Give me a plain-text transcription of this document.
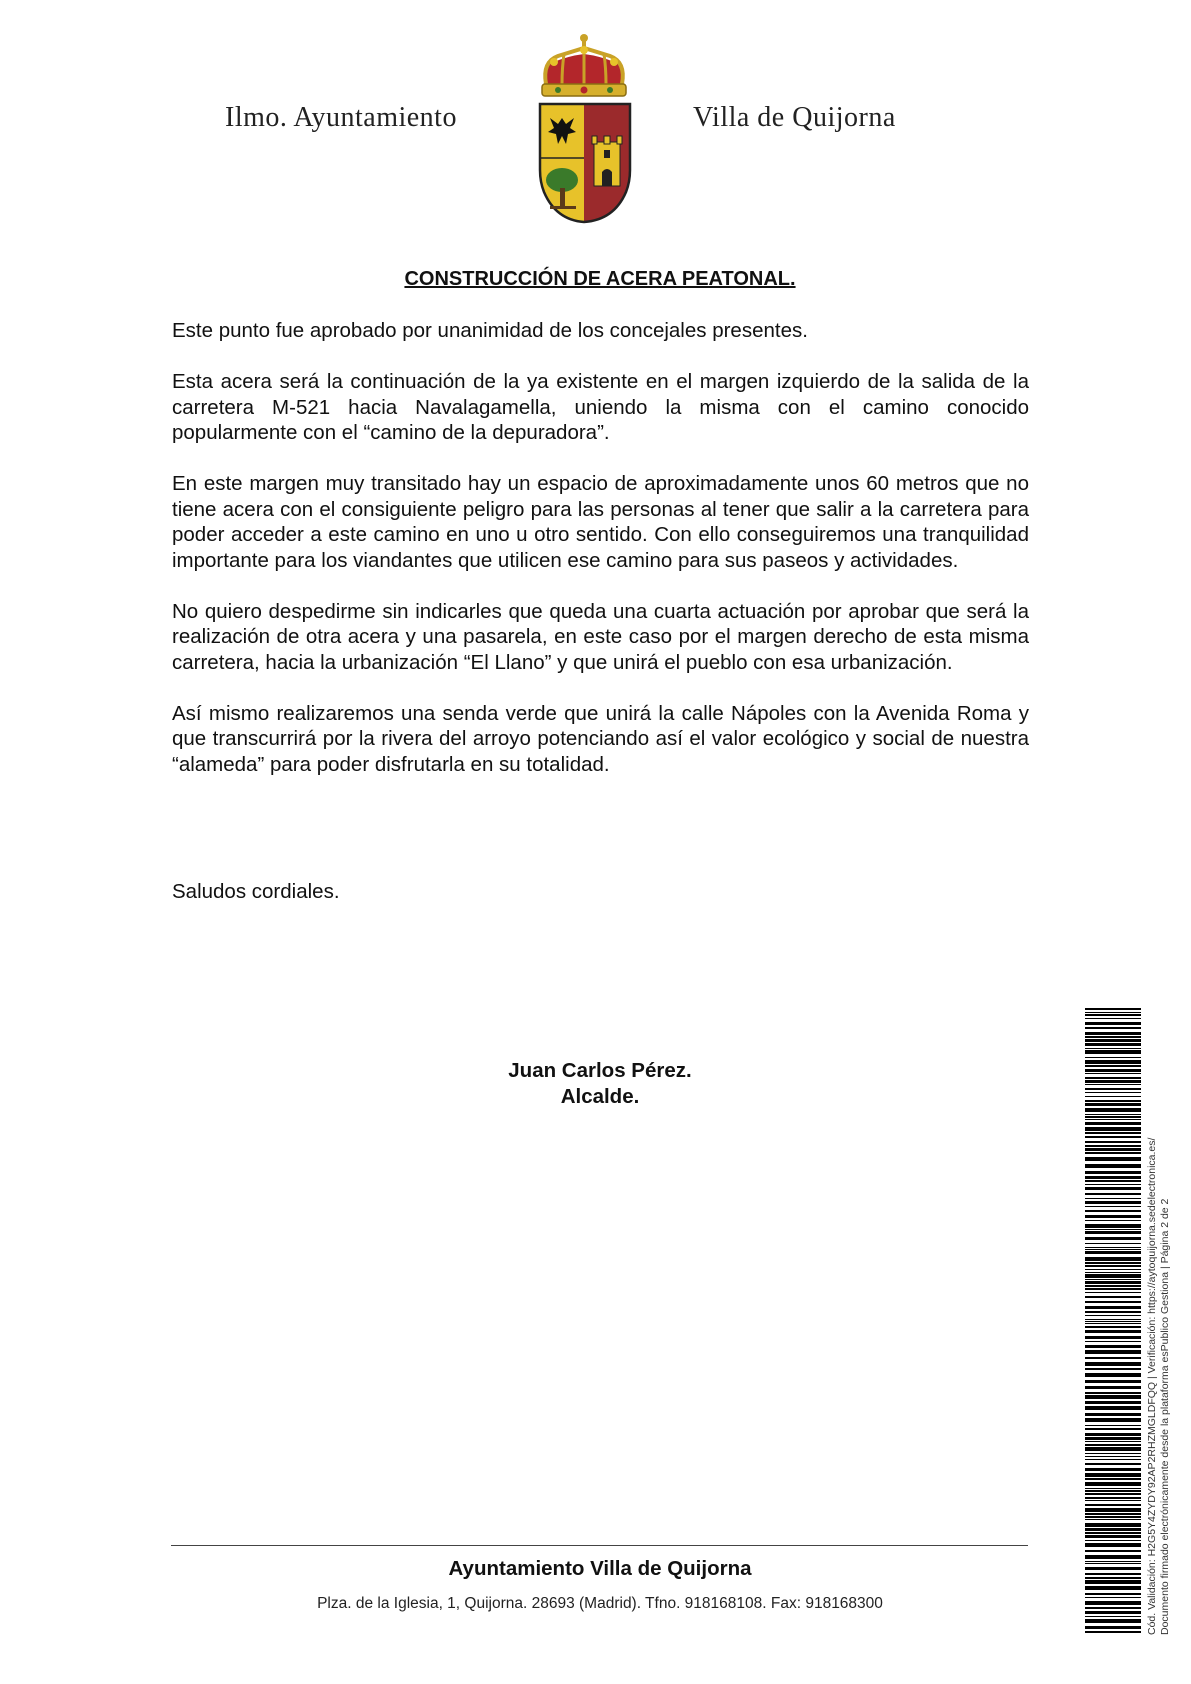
Ilmo. Ayuntamiento	Villa de Quijorna
CONSTRUCCIÓN DE ACERA PEATONAL.

Este punto fue aprobado por unanimidad de los concejales presentes.

Esta acera será la continuación de la ya existente en el margen izquierdo de la salida de la carretera M-521 hacia Navalagamella, uniendo la misma con el camino conocido popularmente con el “camino de la depuradora”.

En este margen muy transitado hay un espacio de aproximadamente unos 60 metros que no tiene acera con el consiguiente peligro para las personas al tener que salir a la carretera para poder acceder a este camino en uno u otro sentido. Con ello conseguiremos una tranquilidad importante para los viandantes que utilicen ese camino para sus paseos y actividades.

No quiero despedirme sin indicarles que queda una cuarta actuación por aprobar que será la realización de otra acera y una pasarela, en este caso por el margen derecho de esta misma carretera, hacia la urbanización “El Llano” y que unirá el pueblo con esa urbanización.

Así mismo realizaremos una senda verde que unirá la calle Nápoles con la Avenida Roma y que transcurrirá por la rivera del arroyo potenciando así el valor ecológico y social de nuestra “alameda” para poder disfrutarla en su totalidad.

Saludos cordiales.
Juan Carlos Pérez.
Alcalde.
Ayuntamiento Villa de Quijorna
Plza. de la Iglesia, 1, Quijorna. 28693 (Madrid). Tfno. 918168108. Fax: 918168300	Cód. Validación: H2G5Y4ZYDY92AP2RHZMGLDFQQ | Verificación: https://aytoquijorna.sedelectronica.es/ Documento firmado electrónicamente desde la plataforma esPublico Gestiona | Página 2 de 2
